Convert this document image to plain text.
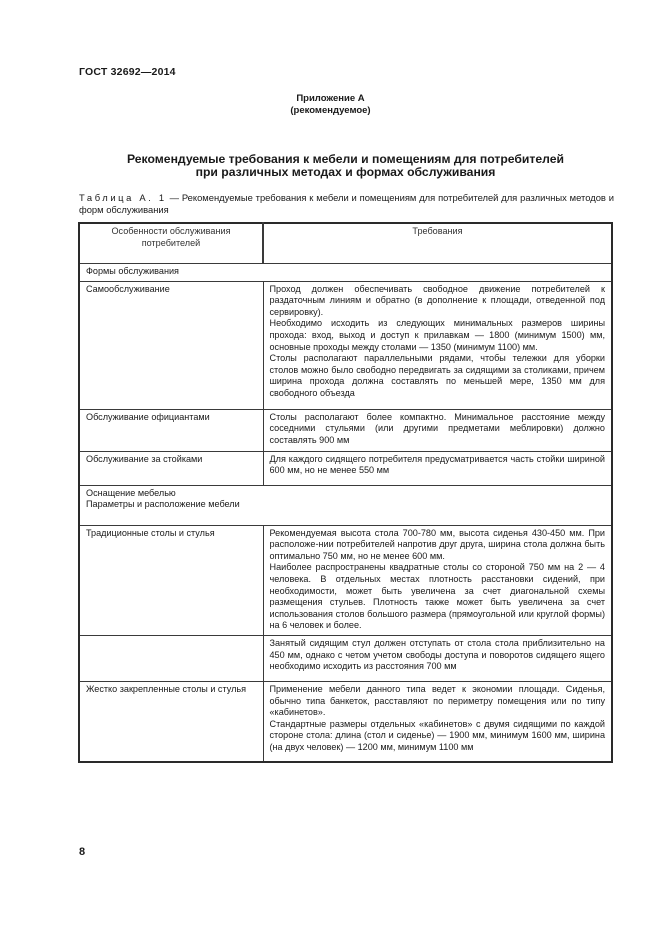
ГОСТ 32692—2014
Приложение А
(рекомендуемое)
Рекомендуемые требования к мебели и помещениям для потребителей
при различных методах и формах обслуживания
Таблица А. 1 — Рекомендуемые требования к мебели и помещениям для потребителей для различных методов и форм обслуживания
Особенности обслуживания потребителей	Требования
Формы обслуживания	
Самообслуживание	Проход должен обеспечивать свободное движение потребителей к раздаточным линиям и обратно (в дополнение к площади, отведенной под сервировку).

Необходимо исходить из следующих минимальных размеров ширины прохода: вход, выход и доступ к прилавкам — 1800 (минимум 1500) мм, основные проходы между столами — 1350 (минимум 1100) мм.

Столы располагают параллельными рядами, чтобы тележки для уборки столов можно было свободно передвигать за сидящими за столиками, причем ширина прохода должна составлять по меньшей мере, 1350 мм для свободного объезда

Обслуживание официантами	Столы располагают более компактно. Минимальное расстояние между соседними стульями (или другими предметами меблировки) должно составлять 900 мм

Обслуживание за стойками	Для каждого сидящего потребителя предусматривается часть стойки шириной 600 мм, но не менее 550 мм

Оснащение мебелью
Параметры и расположение мебели	

Традиционные столы и стулья	Рекомендуемая высота стола 700-780 мм, высота сиденья 430-450 мм. При расположе-нии потребителей напротив друг друга, ширина стола должна быть оптимально 750 мм, но не менее 600 мм.

Наиболее распространены квадратные столы со стороной 750 мм на 2 — 4 человека. В отдельных местах плотность расстановки сидений, при необходимости, может быть увеличена за счет диагональной схемы размещения стульев. Плотность также может быть увеличена за счет использования столов большого размера (прямоугольной или круглой формы) на 6 человек и более.

	Занятый сидящим стул должен отступать от стола стола приблизительно на 450 мм, однако с четом учетом свободы доступа и поворотов сидящего ящего необходимо исходить из расстояния 700 мм

Жестко закрепленные столы и стулья	Применение мебели данного типа ведет к экономии площади. Сиденья, обычно типа банкеток, расставляют по периметру помещения или по типу «кабинетов».

Стандартные размеры отдельных «кабинетов» с двумя сидящими по каждой стороне стола: длина (стол и сиденье) — 1900 мм, минимум 1600 мм, ширина (на двух человек) — 1200 мм, минимум 1100 мм

8
